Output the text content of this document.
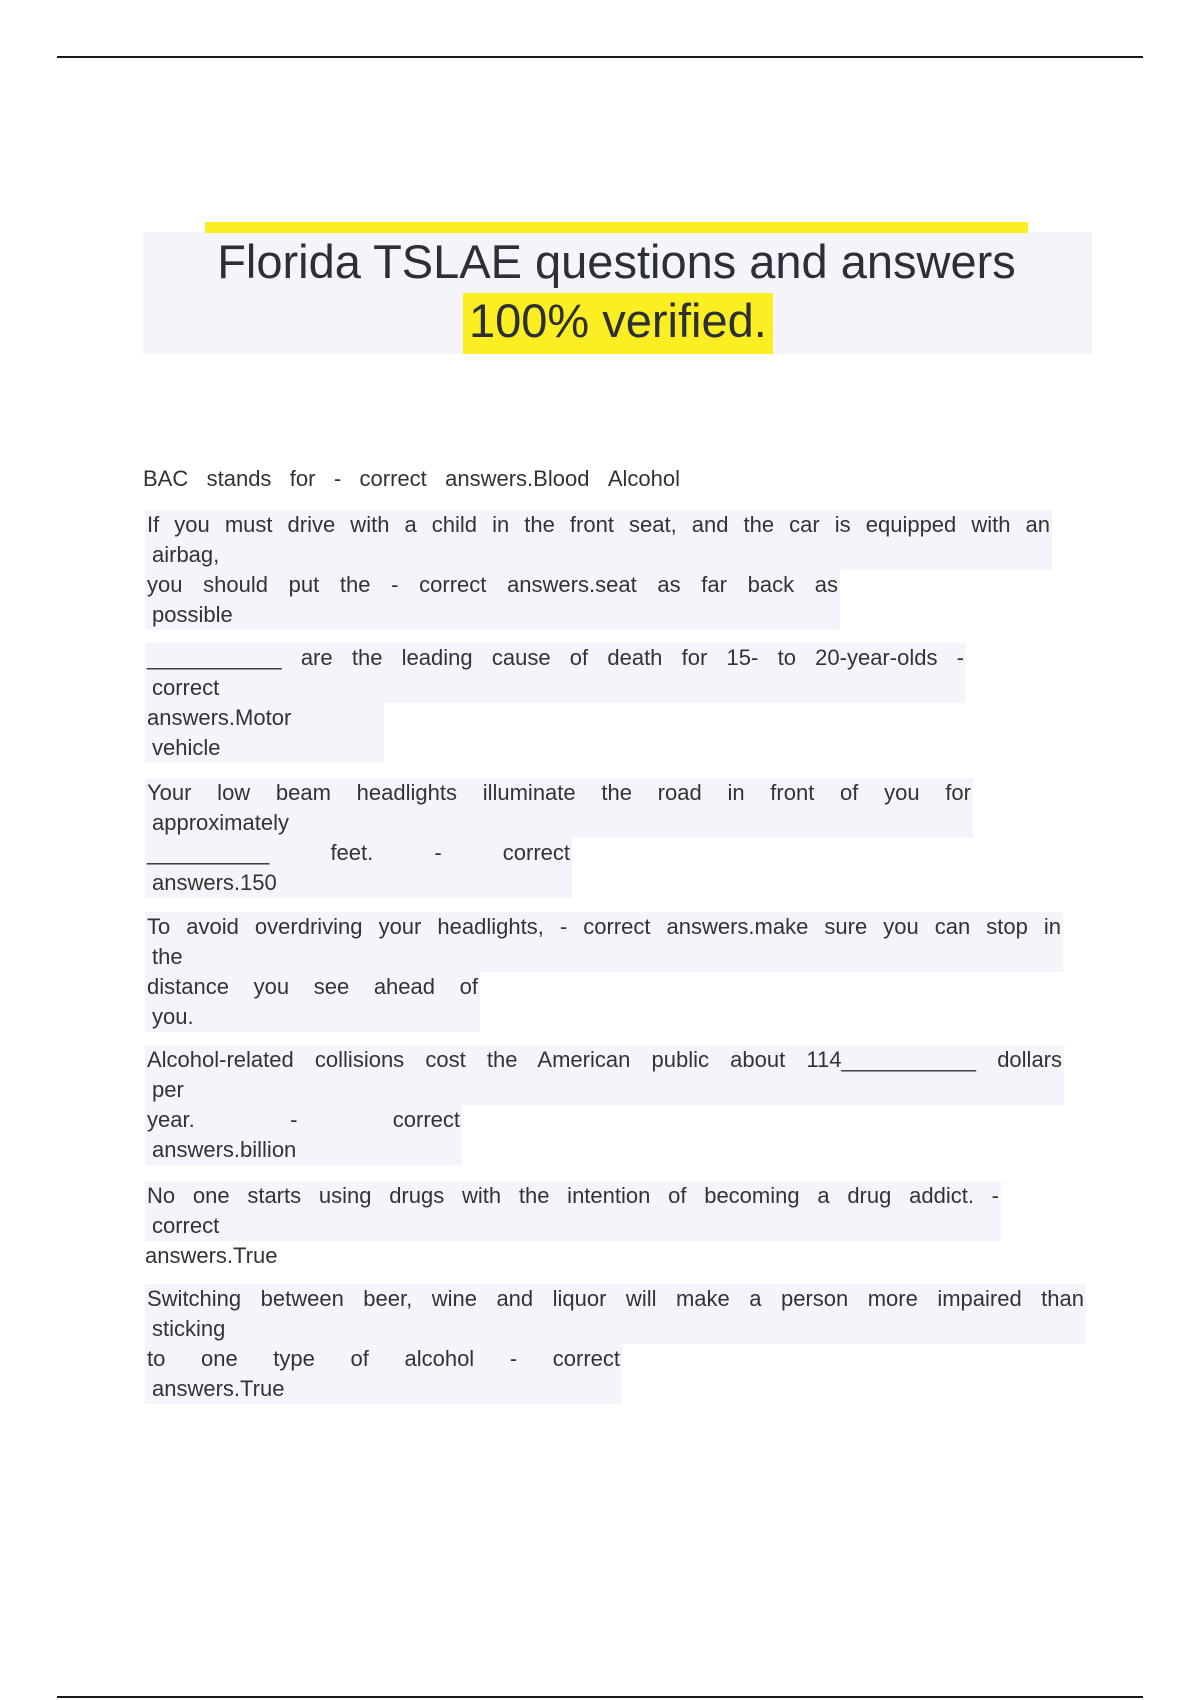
Florida TSLAE questions and answers
100% verified.
BAC stands for - correct answers.Blood Alcohol
If you must drive with a child in the front seat, and the car is equipped with an
airbag,
you should put the - correct answers.seat as far back as
possible
___________ are the leading cause of death for 15- to 20-year-olds -
correct
answers.Motor
vehicle
Your low beam headlights illuminate the road in front of you for
approximately
__________ feet. - correct
answers.150
To avoid overdriving your headlights, - correct answers.make sure you can stop in
the
distance you see ahead of
you.
Alcohol-related collisions cost the American public about 114___________ dollars
per
year. - correct
answers.billion
No one starts using drugs with the intention of becoming a drug addict. -
correct
answers.True
Switching between beer, wine and liquor will make a person more impaired than
sticking
to one type of alcohol - correct
answers.True
